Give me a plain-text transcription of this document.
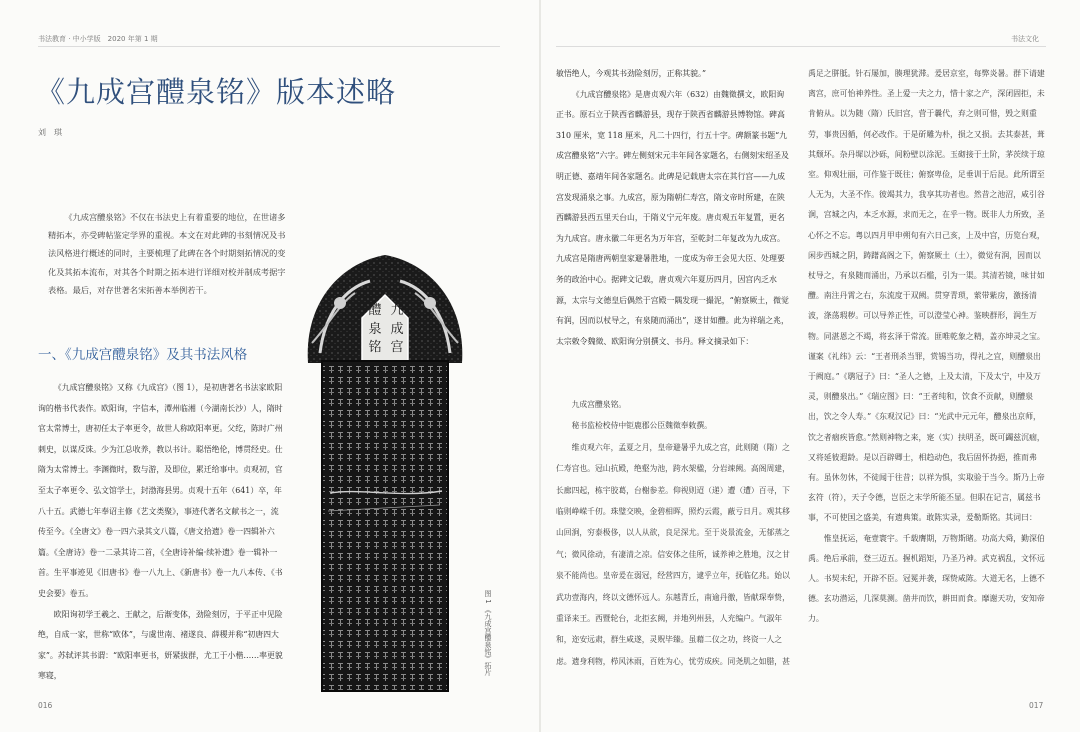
书法教育 · 中小学版　2020 年第 1 期
《九成宫醴泉铭》版本述略
刘　琪

《九成宫醴泉铭》不仅在书法史上有着重要的地位，在世诸多精拓本，亦受碑帖鉴定学界的重视。本文在对此碑的书刻情况及书法风格进行概述的同时，主要梳理了此碑在各个时期刻拓情况的变化及其拓本流布，对其各个时期之拓本进行详细对校并制成考据字表格。最后，对存世著名宋拓善本举例若干。

一、《九成宫醴泉铭》及其书法风格

《九成宫醴泉铭》又称《九成宫》（图 1），是初唐著名书法家欧阳询的楷书代表作。欧阳询，字信本，潭州临湘（今湖南长沙）人，隋时官太常博士，唐初任太子率更令，故世人称欧阳率更。父纥，陈时广州刺史，以谋反诛。少为江总收养，教以书计。聪悟绝伦，博贯经史。仕隋为太常博士。李渊微时，数与游，及即位，累迁给事中。贞观初，官至太子率更令、弘文馆学士，封渤海县男。贞观十五年（641）卒，年八十五。武德七年奉诏主修《艺文类聚》，事迹代著名文献书之一，流传至今。《全唐文》卷一四六录其文八篇，《唐文拾遗》卷一四辑补六篇。《全唐诗》卷一二录其诗二首，《全唐诗补编·续补遗》卷一辑补一首。生平事迹见《旧唐书》卷一八九上、《新唐书》卷一九八本传、《书史会要》卷五。

欧阳询初学王羲之、王献之，后渐变体，劲险刻厉，于平正中见险绝，自成一家，世称“欧体”，与虞世南、褚遂良、薛稷并称“初唐四大家”。苏轼评其书谓：“欧阳率更书，妍紧拔群，尤工于小楷……率更貌寒寝，

九
醴
成
泉
宫
铭
图 1 《九成宫醴泉铭》拓片
016
书法文化
017

敏悟绝人，今观其书劲险刻厉，正称其貌。”

《九成宫醴泉铭》是唐贞观六年（632）由魏徵撰文，欧阳询正书。原石立于陕西省麟游县，现存于陕西省麟游县博物馆。碑高 310 厘米，宽 118 厘米，凡二十四行，行五十字。碑额篆书题“九成宫醴泉铭”六字。碑左侧刻宋元丰年间各家题名，右侧刻宋绍圣及明正德、嘉靖年间各家题名。此碑是记载唐太宗在其行宫——九成宫发现涌泉之事。九成宫，原为隋朝仁寿宫，隋文帝时所建，在陕西麟游县西五里天台山，于隋义宁元年废。唐贞观五年复置，更名为九成宫。唐永徽二年更名为万年宫，至乾封二年复改为九成宫。九成宫是隋唐两朝皇家避暑胜地，一度成为帝王会见大臣、处理要务的政治中心。据碑文记载，唐贞观六年夏历四月，因宫内乏水源，太宗与文德皇后偶然于宫殿一隅发现一撮泥，“俯察厥土，微觉有润，因而以杖导之，有泉随而涌出”，遂甘如醴。此为祥瑞之兆，太宗敕令魏徵、欧阳询分别撰文、书丹。释文摘录如下：

九成宫醴泉铭。

秘书监检校侍中钜鹿郡公臣魏徵奉敕撰。

维贞观六年，孟夏之月，皇帝避暑乎九成之宫，此则随（隋）之仁寿宫也。冠山抗殿，绝壑为池，跨水架楹，分岩竦阙。高阁周建，长廊四起，栋宇胶葛，台榭参差。仰视则迢（递）遭（遭）百寻，下临则峥嵘千仞。珠璧交映，金碧相晖，照灼云霞，蔽亏日月。观其移山回涧，穷泰极侈，以人从欲，良足深尤。至于炎景流金，无郁蒸之气；微风徐动，有凄清之凉。信安体之佳所，诚养神之胜地，汉之甘泉不能尚也。皇帝爰在弱冠，经营四方，逮乎立年，抚临亿兆。始以武功壹海内，终以文德怀远人。东越青丘，南逾丹徼，皆献琛奉贽，重译来王。西暨轮台，北拒玄阙，并地列州县，人充编户。气淑年和，迩安远肃，群生咸遂，灵贶毕臻。虽藉二仪之功，终资一人之虑。遗身利物，栉风沐雨，百姓为心，忧劳成疾。同尧肌之如腊，甚

禹足之胼胝。针石屡加，腠理犹滞。爰居京室，每弊炎暑。群下请建离宫，庶可怡神养性。圣上爱一夫之力，惜十家之产，深闭固拒，未肯俯从。以为随（隋）氏旧宫，营于曩代，弃之则可惜，毁之则重劳，事贵因循，何必改作。于是斫雕为朴，损之又损。去其泰甚，葺其颓坏。杂丹墀以沙砾，间粉壁以涂泥。玉砌接于土阶，茅茨续于琼室。仰观壮丽，可作鉴于既往；俯察卑俭，足垂训于后昆。此所谓至人无为，大圣不作。彼竭其力，我享其功者也。然昔之池沼，咸引谷涧，宫城之内，本乏水源，求而无之，在乎一物。既非人力所致，圣心怀之不忘。粤以四月甲申朔旬有六日己亥，上及中宫，历览台观，闲步西城之阴，踌躇高阁之下，俯察厥土（土），微觉有润，因而以杖导之，有泉随而涌出，乃承以石槛，引为一渠。其清若镜，味甘如醴。南注丹霄之右，东流度于双阙。贯穿青琐，萦带紫房，激扬清波，涤荡瑕秽。可以导养正性，可以澄莹心神。鉴映群形，润生万物。同湛恩之不竭，将玄泽于常流。匪唯乾象之精，盖亦坤灵之宝。谨案《礼纬》云：“王者刑杀当罪，赏锡当功，得礼之宜，则醴泉出于阙庭。”《鹖冠子》曰：“圣人之德，上及太清，下及太宁，中及万灵，则醴泉出。”《瑞应图》曰：“王者纯和，饮食不贡献，则醴泉出，饮之令人寿。”《东观汉记》曰：“光武中元元年，醴泉出京师，饮之者痼疾皆愈。”然则神物之来，寔（实）扶明圣，既可蠲兹沉痼，又将延彼遐龄。是以百辟卿士，相趋动色，我后固怀㧑挹，推而弗有。虽休勿休，不徒闻于往昔；以祥为惧，实取验于当今。斯乃上帝玄符（符），天子令德，岂臣之末学所能丕显。但职在记言，属兹书事，不可使国之盛美，有遗典策。敢陈实录，爰勒斯铭。其词曰：

惟皇抚运，奄壹寰宇。千载膺期，万物斯睹。功高大舜，勤深伯禹。绝后承前，登三迈五。握机蹈矩，乃圣乃神。武克祸乱，文怀远人。书契未纪，开辟不臣。冠冕并袭，琛贽咸陈。大道无名，上德不德。玄功潜运，几深莫测。凿井而饮，耕田而食。靡谢天功，安知帝力。
